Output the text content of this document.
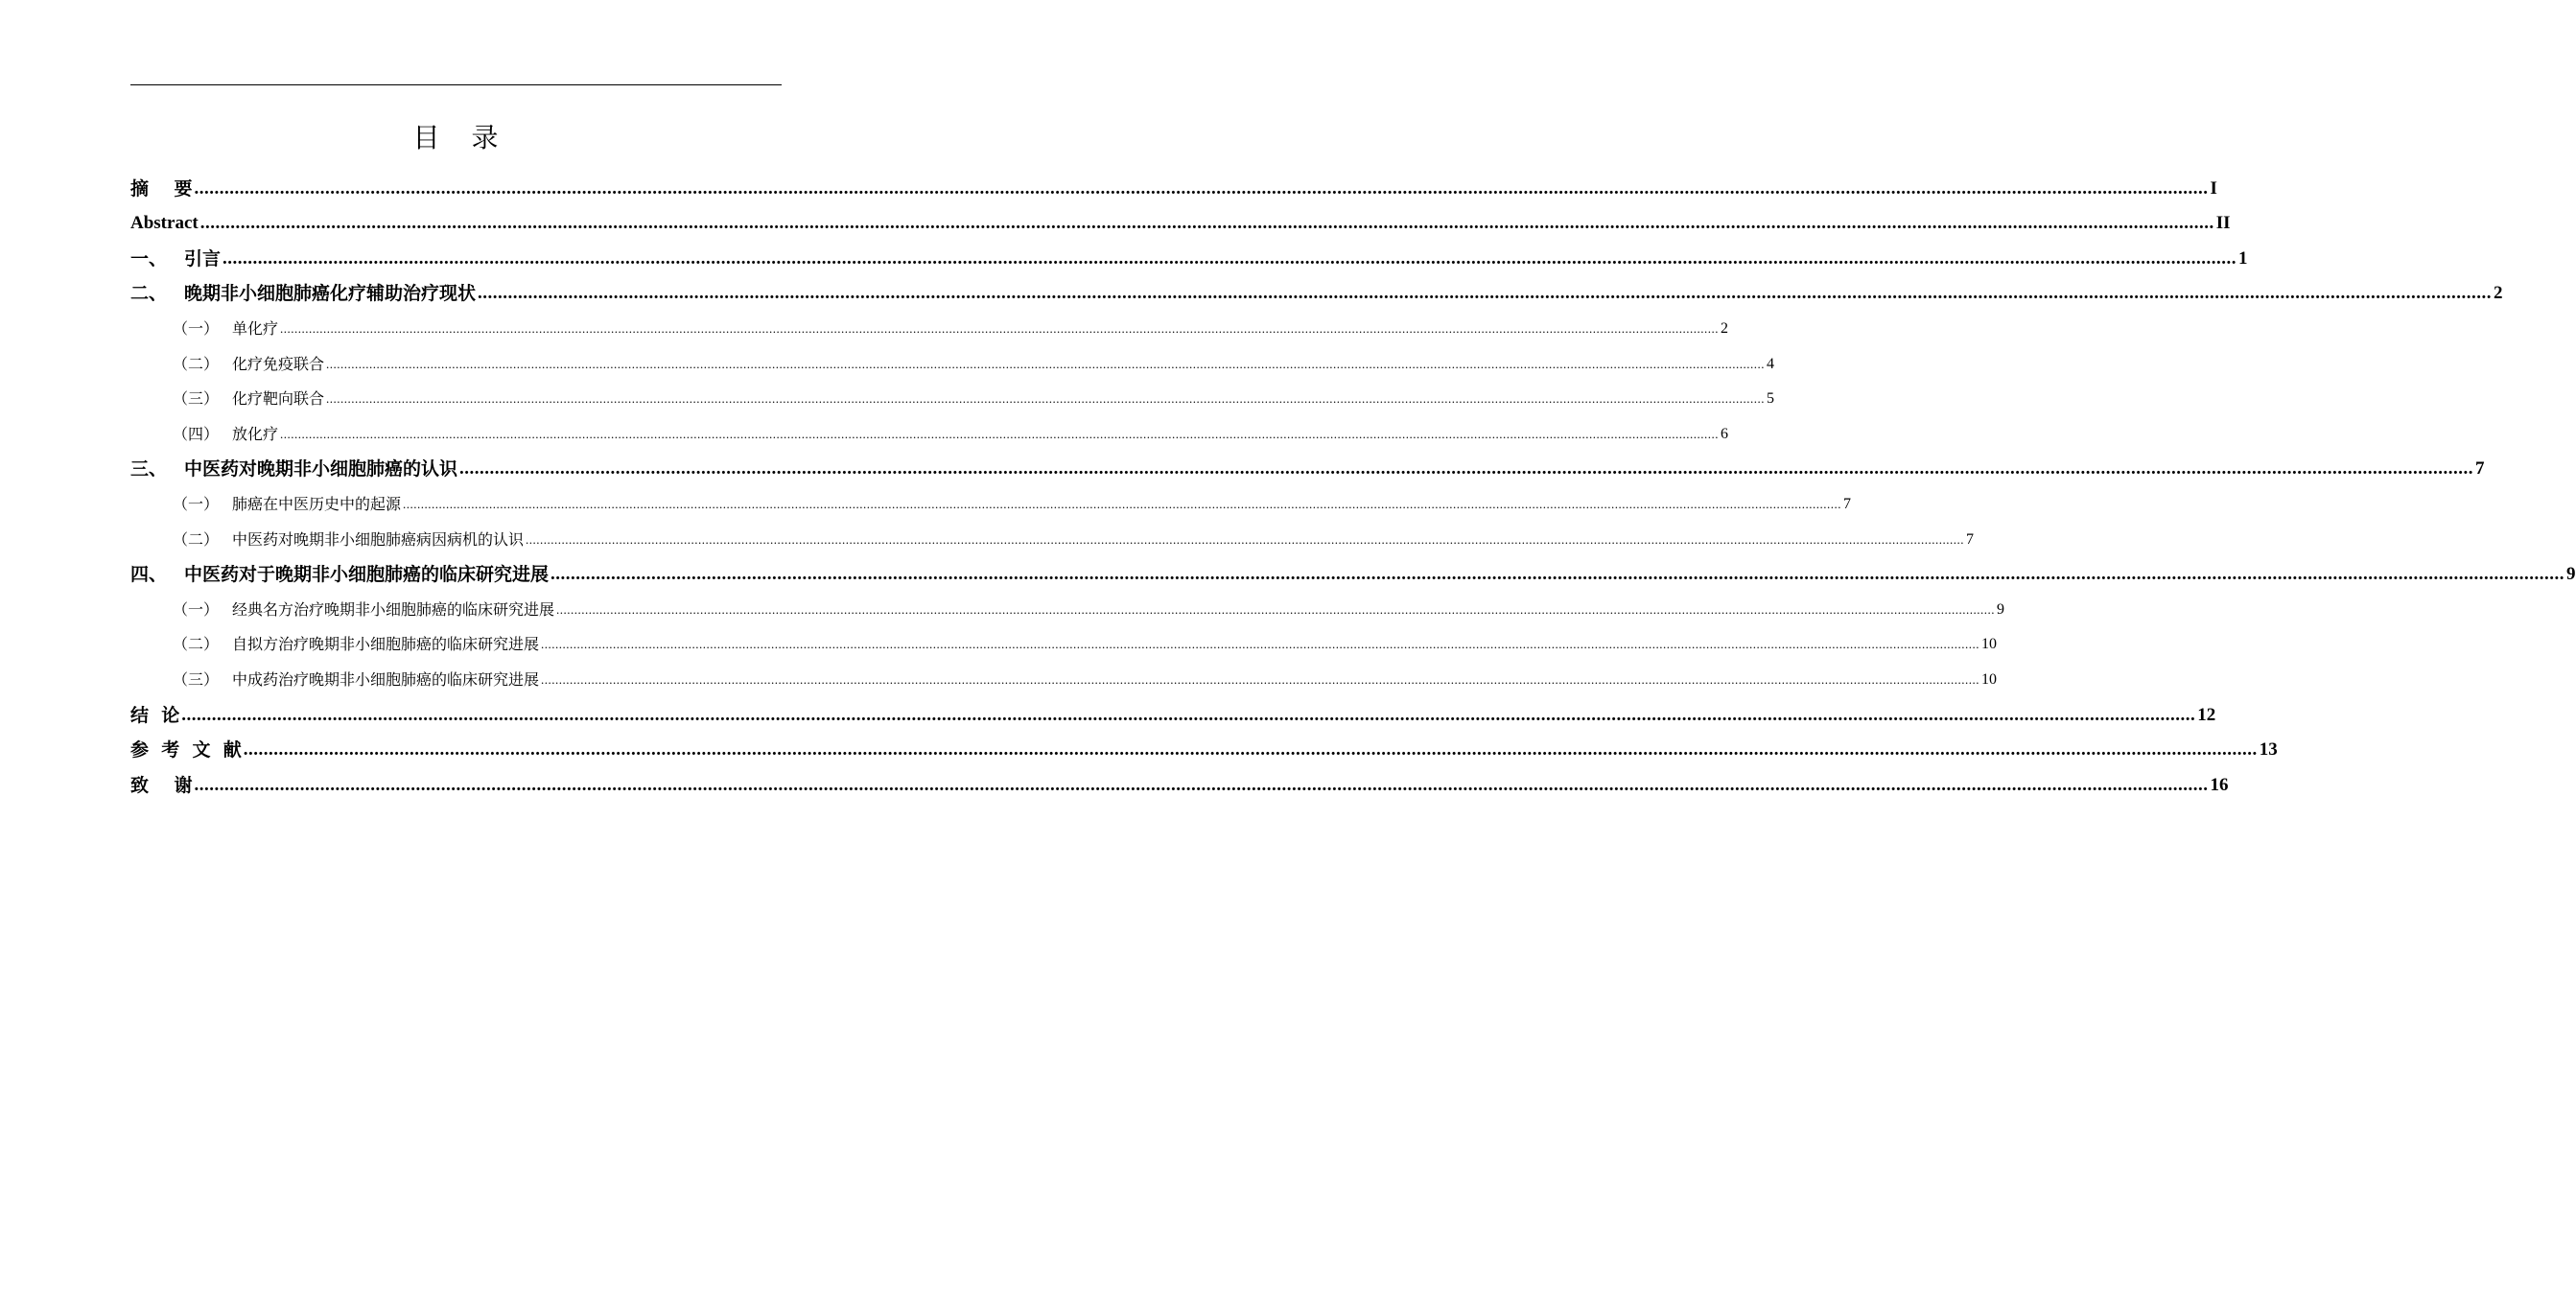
目 录
摘    要 ................................................................................................................................................................................................................................................................................................................................................................................................................ I
Abstract ................................................................................................................................................................................................................................................................................................................................................................................................................ II
一、 引言 ................................................................................................................................................................................................................................................................................................................................................................................................................ 1
二、 晚期非小细胞肺癌化疗辅助治疗现状 ................................................................................................................................................................................................................................................................................................................................................................................................................ 2
（一） 单化疗 ................................................................................................................................................................................................................................................................................................................................................................................................................ 2
（二） 化疗免疫联合 ................................................................................................................................................................................................................................................................................................................................................................................................................ 4
（三） 化疗靶向联合 ................................................................................................................................................................................................................................................................................................................................................................................................................ 5
（四） 放化疗 ................................................................................................................................................................................................................................................................................................................................................................................................................ 6
三、 中医药对晚期非小细胞肺癌的认识 ................................................................................................................................................................................................................................................................................................................................................................................................................ 7
（一） 肺癌在中医历史中的起源 ................................................................................................................................................................................................................................................................................................................................................................................................................ 7
（二） 中医药对晚期非小细胞肺癌病因病机的认识 ................................................................................................................................................................................................................................................................................................................................................................................................................ 7
四、 中医药对于晚期非小细胞肺癌的临床研究进展 ................................................................................................................................................................................................................................................................................................................................................................................................................ 9
（一） 经典名方治疗晚期非小细胞肺癌的临床研究进展 ................................................................................................................................................................................................................................................................................................................................................................................................................ 9
（二） 自拟方治疗晚期非小细胞肺癌的临床研究进展 ................................................................................................................................................................................................................................................................................................................................................................................................................ 10
（三） 中成药治疗晚期非小细胞肺癌的临床研究进展 ................................................................................................................................................................................................................................................................................................................................................................................................................ 10
结  论 ................................................................................................................................................................................................................................................................................................................................................................................................................ 12
参  考  文  献 ................................................................................................................................................................................................................................................................................................................................................................................................................ 13
致    谢 ................................................................................................................................................................................................................................................................................................................................................................................................................ 16
